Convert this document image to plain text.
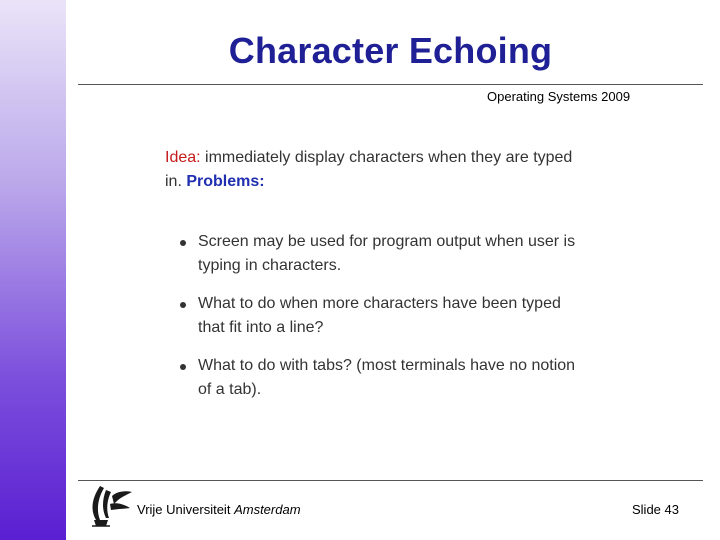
Character Echoing
Operating Systems 2009

Idea: immediately display characters when they are typed in. Problems:

Screen may be used for program output when user is typing in characters.
What to do when more characters have been typed that fit into a line?
What to do with tabs? (most terminals have no notion of a tab).
Vrije Universiteit Amsterdam	Slide 43
